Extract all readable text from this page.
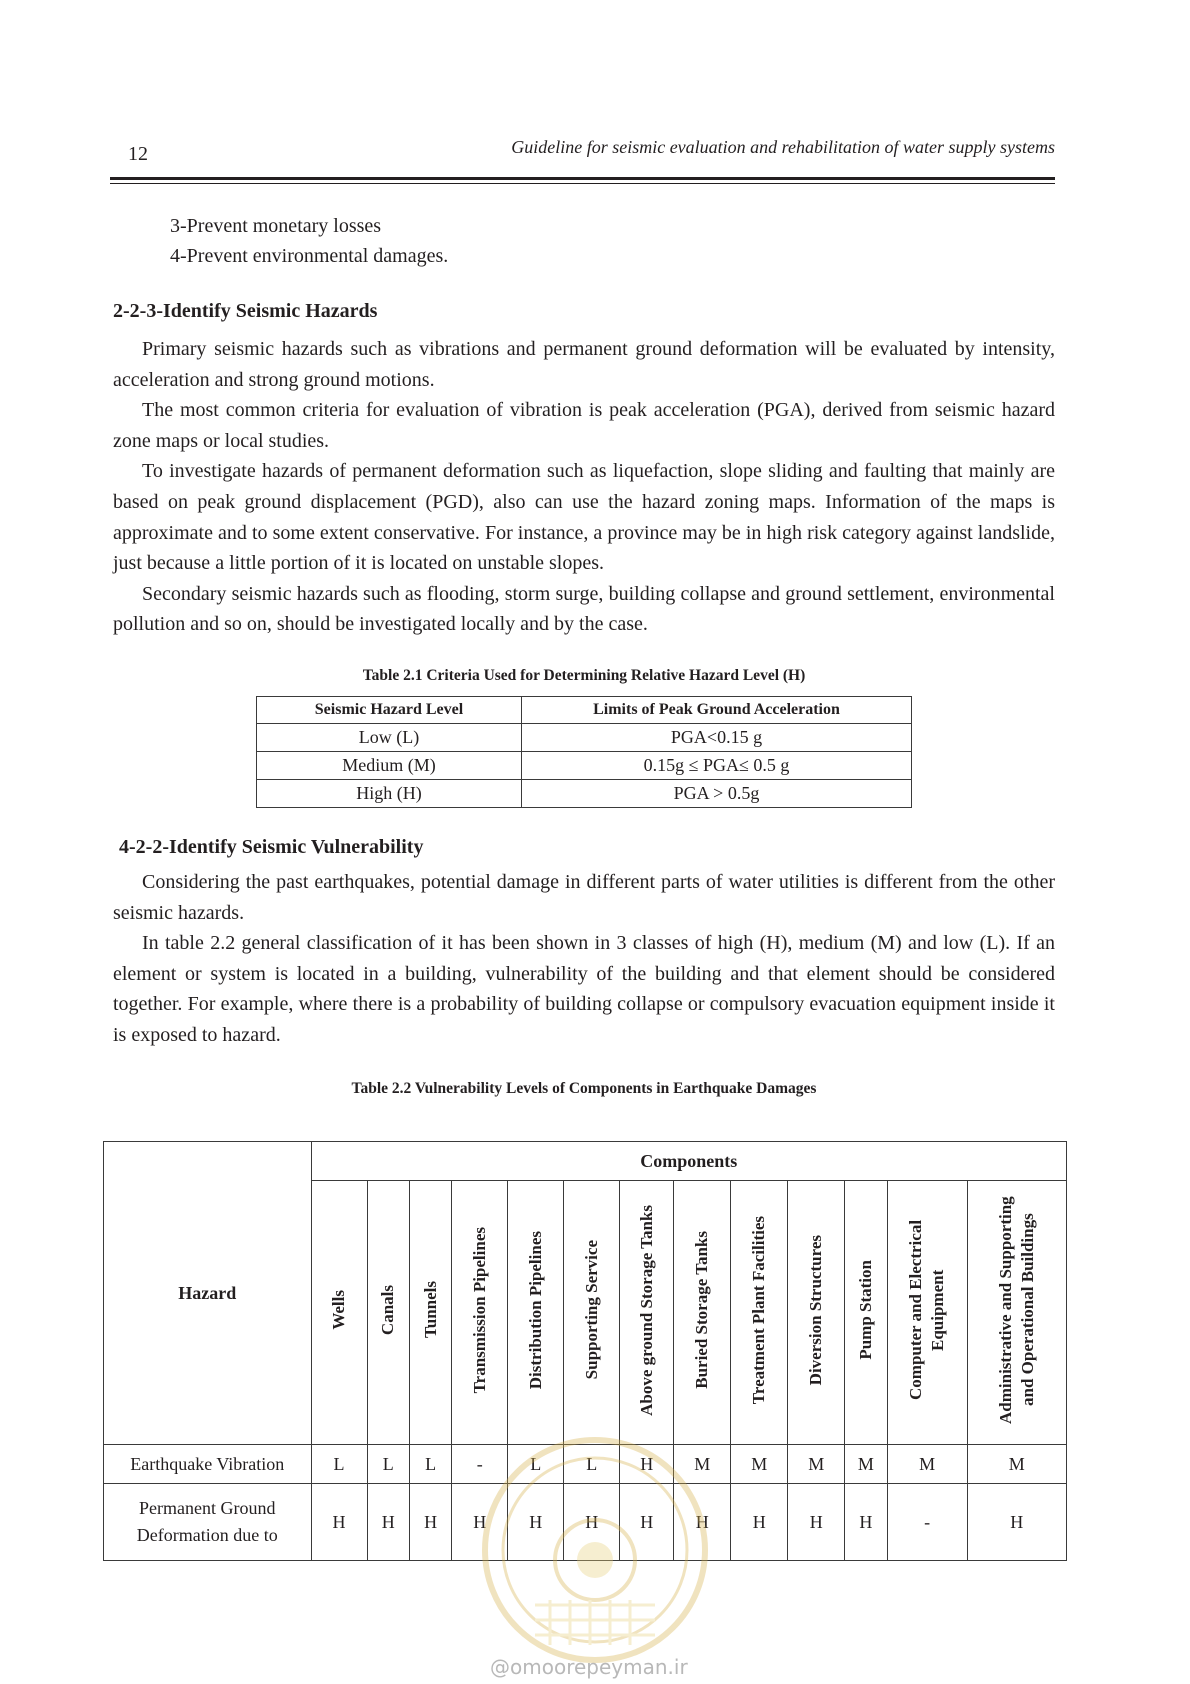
12	Guideline for seismic evaluation and rehabilitation of water supply systems
3-Prevent monetary losses
4-Prevent environmental damages.
2-2-3-Identify Seismic Hazards

Primary seismic hazards such as vibrations and permanent ground deformation will be evaluated by intensity, acceleration and strong ground motions.

The most common criteria for evaluation of vibration is peak acceleration (PGA), derived from seismic hazard zone maps or local studies.

To investigate hazards of permanent deformation such as liquefaction, slope sliding and faulting that mainly are based on peak ground displacement (PGD), also can use the hazard zoning maps. Information of the maps is approximate and to some extent conservative. For instance, a province may be in high risk category against landslide, just because a little portion of it is located on unstable slopes.

Secondary seismic hazards such as flooding, storm surge, building collapse and ground settlement, environmental pollution and so on, should be investigated locally and by the case.

Table 2.1 Criteria Used for Determining Relative Hazard Level (H)
Seismic Hazard Level	Limits of Peak Ground Acceleration
Low (L)	PGA<0.15 g
Medium (M)	0.15g ≤ PGA≤ 0.5 g
High (H)	PGA > 0.5g
4-2-2-Identify Seismic Vulnerability

Considering the past earthquakes, potential damage in different parts of water utilities is different from the other seismic hazards.

In table 2.2 general classification of it has been shown in 3 classes of high (H), medium (M) and low (L). If an element or system is located in a building, vulnerability of the building and that element should be considered together. For example, where there is a probability of building collapse or compulsory evacuation equipment inside it is exposed to hazard.

Table 2.2 Vulnerability Levels of Components in Earthquake Damages
Hazard	Components												
	Wells	Canals	Tunnels	Transmission Pipelines	Distribution Pipelines	Supporting Service	Above ground Storage Tanks	Buried Storage Tanks	Treatment Plant Facilities	Diversion Structures	Pump Station	Computer and Electrical Equipment	Administrative and Supporting and Operational Buildings
Earthquake Vibration	L	L	L	-	L	L	H	M	M	M	M	M	M
Permanent Ground Deformation due to	H	H	H	H	H	H	H	H	H	H	H	-	H
@omoorepeyman.ir
